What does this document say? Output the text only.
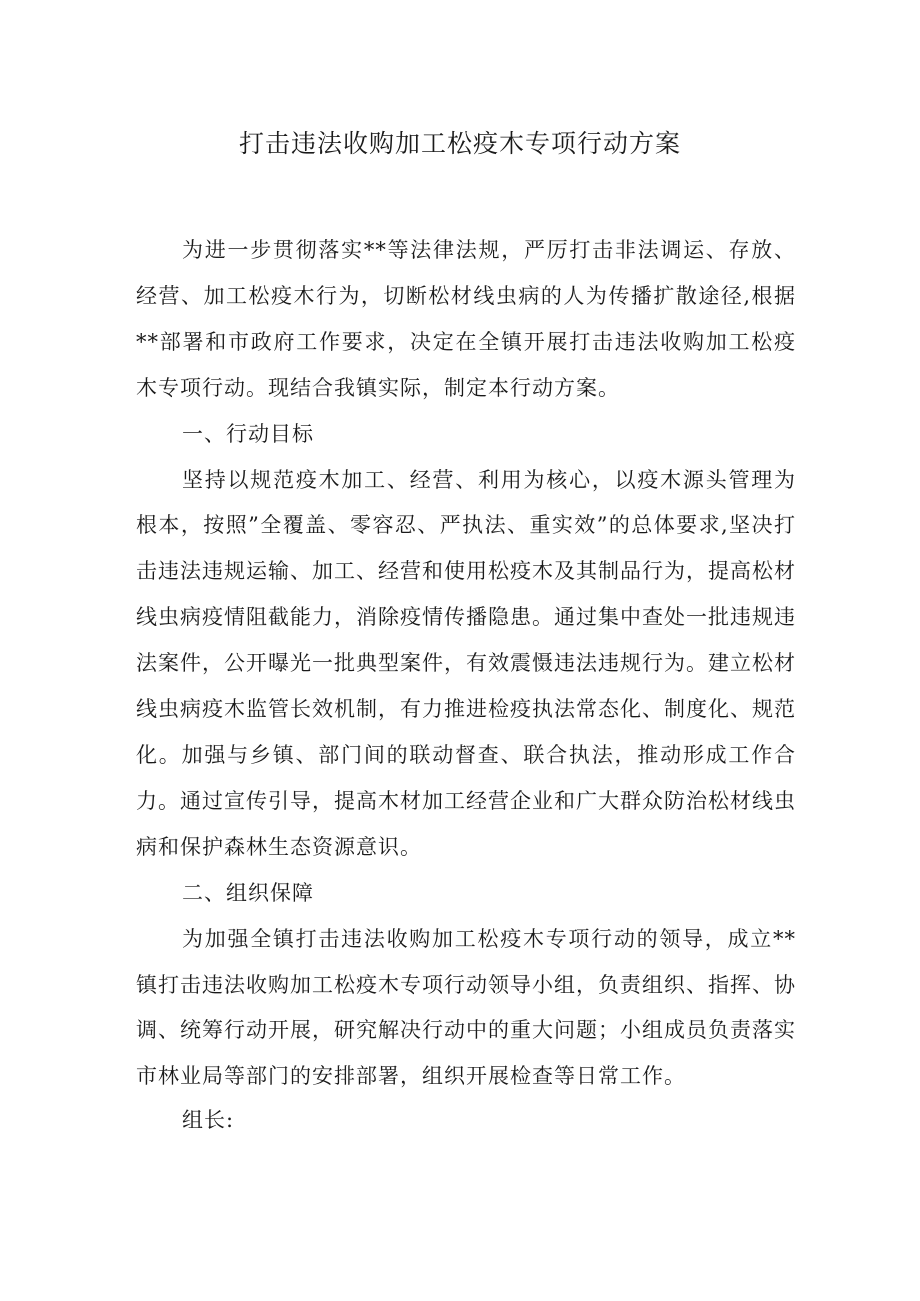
打击违法收购加工松疫木专项行动方案

为进一步贯彻落实**等法律法规，严厉打击非法调运、存放、经营、加工松疫木行为，切断松材线虫病的人为传播扩散途径,根据**部署和市政府工作要求，决定在全镇开展打击违法收购加工松疫木专项行动。现结合我镇实际，制定本行动方案。

一、行动目标

坚持以规范疫木加工、经营、利用为核心，以疫木源头管理为根本，按照”全覆盖、零容忍、严执法、重实效”的总体要求,坚决打击违法违规运输、加工、经营和使用松疫木及其制品行为，提高松材线虫病疫情阻截能力，消除疫情传播隐患。通过集中查处一批违规违法案件，公开曝光一批典型案件，有效震慑违法违规行为。建立松材线虫病疫木监管长效机制，有力推进检疫执法常态化、制度化、规范化。加强与乡镇、部门间的联动督查、联合执法，推动形成工作合力。通过宣传引导，提高木材加工经营企业和广大群众防治松材线虫病和保护森林生态资源意识。

二、组织保障

为加强全镇打击违法收购加工松疫木专项行动的领导，成立**镇打击违法收购加工松疫木专项行动领导小组，负责组织、指挥、协调、统筹行动开展，研究解决行动中的重大问题；小组成员负责落实市林业局等部门的安排部署，组织开展检查等日常工作。

组长:
